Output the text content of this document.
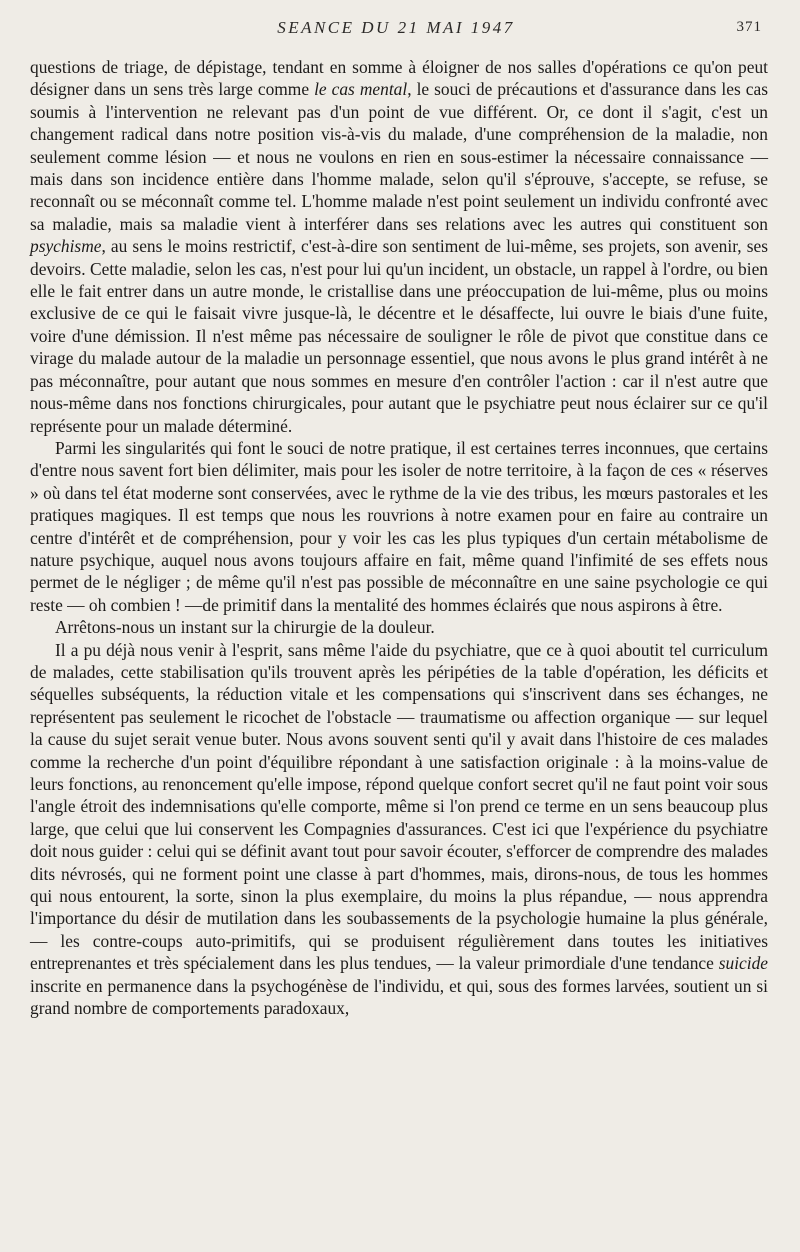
SEANCE DU 21 MAI 1947	371

questions de triage, de dépistage, tendant en somme à éloigner de nos salles d'opérations ce qu'on peut désigner dans un sens très large comme le cas mental, le souci de précautions et d'assurance dans les cas soumis à l'intervention ne relevant pas d'un point de vue différent. Or, ce dont il s'agit, c'est un changement radical dans notre position vis-à-vis du malade, d'une compréhension de la maladie, non seulement comme lésion — et nous ne voulons en rien en sous-estimer la nécessaire connaissance — mais dans son incidence entière dans l'homme malade, selon qu'il s'éprouve, s'accepte, se refuse, se reconnaît ou se méconnaît comme tel. L'homme malade n'est point seulement un individu confronté avec sa maladie, mais sa maladie vient à interférer dans ses relations avec les autres qui constituent son psychisme, au sens le moins restrictif, c'est-à-dire son sentiment de lui-même, ses projets, son avenir, ses devoirs. Cette maladie, selon les cas, n'est pour lui qu'un incident, un obstacle, un rappel à l'ordre, ou bien elle le fait entrer dans un autre monde, le cristallise dans une préoccupation de lui-même, plus ou moins exclusive de ce qui le faisait vivre jusque-là, le décentre et le désaffecte, lui ouvre le biais d'une fuite, voire d'une démission. Il n'est même pas nécessaire de souligner le rôle de pivot que constitue dans ce virage du malade autour de la maladie un personnage essentiel, que nous avons le plus grand intérêt à ne pas méconnaître, pour autant que nous sommes en mesure d'en contrôler l'action : car il n'est autre que nous-même dans nos fonctions chirurgicales, pour autant que le psychiatre peut nous éclairer sur ce qu'il représente pour un malade déterminé.

Parmi les singularités qui font le souci de notre pratique, il est certaines terres inconnues, que certains d'entre nous savent fort bien délimiter, mais pour les isoler de notre territoire, à la façon de ces « réserves » où dans tel état moderne sont conservées, avec le rythme de la vie des tribus, les mœurs pastorales et les pratiques magiques. Il est temps que nous les rouvrions à notre examen pour en faire au contraire un centre d'intérêt et de compréhension, pour y voir les cas les plus typiques d'un certain métabolisme de nature psychique, auquel nous avons toujours affaire en fait, même quand l'infimité de ses effets nous permet de le négliger ; de même qu'il n'est pas possible de méconnaître en une saine psychologie ce qui reste — oh combien ! —de primitif dans la mentalité des hommes éclairés que nous aspirons à être.

Arrêtons-nous un instant sur la chirurgie de la douleur.

Il a pu déjà nous venir à l'esprit, sans même l'aide du psychiatre, que ce à quoi aboutit tel curriculum de malades, cette stabilisation qu'ils trouvent après les péripéties de la table d'opération, les déficits et séquelles subséquents, la réduction vitale et les compensations qui s'inscrivent dans ses échanges, ne représentent pas seulement le ricochet de l'obstacle — traumatisme ou affection organique — sur lequel la cause du sujet serait venue buter. Nous avons souvent senti qu'il y avait dans l'histoire de ces malades comme la recherche d'un point d'équilibre répondant à une satisfaction originale : à la moins-value de leurs fonctions, au renoncement qu'elle impose, répond quelque confort secret qu'il ne faut point voir sous l'angle étroit des indemnisations qu'elle comporte, même si l'on prend ce terme en un sens beaucoup plus large, que celui que lui conservent les Compagnies d'assurances. C'est ici que l'expérience du psychiatre doit nous guider : celui qui se définit avant tout pour savoir écouter, s'efforcer de comprendre des malades dits névrosés, qui ne forment point une classe à part d'hommes, mais, dirons-nous, de tous les hommes qui nous entourent, la sorte, sinon la plus exemplaire, du moins la plus répandue, — nous apprendra l'importance du désir de mutilation dans les soubassements de la psychologie humaine la plus générale, — les contre-coups auto-primitifs, qui se produisent régulièrement dans toutes les initiatives entreprenantes et très spécialement dans les plus tendues, — la valeur primordiale d'une tendance suicide inscrite en permanence dans la psychogénèse de l'individu, et qui, sous des formes larvées, soutient un si grand nombre de comportements paradoxaux,
